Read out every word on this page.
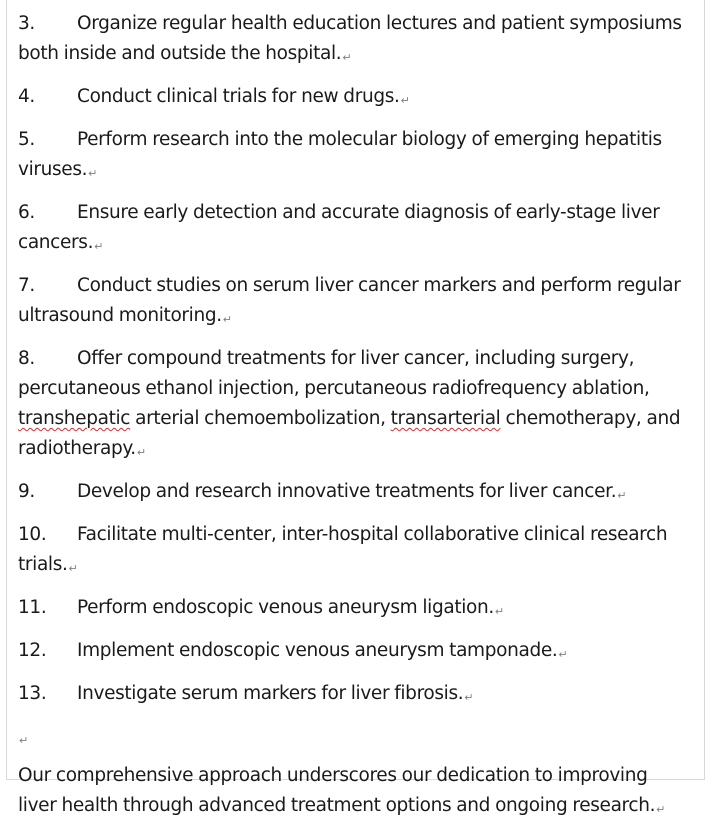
3. Organize regular health education lectures and patient symposiums both inside and outside the hospital.↵

4. Conduct clinical trials for new drugs.↵

5. Perform research into the molecular biology of emerging hepatitis viruses.↵

6. Ensure early detection and accurate diagnosis of early-stage liver cancers.↵

7. Conduct studies on serum liver cancer markers and perform regular ultrasound monitoring.↵

8. Offer compound treatments for liver cancer, including surgery, percutaneous ethanol injection, percutaneous radiofrequency ablation, transhepatic arterial chemoembolization, transarterial chemotherapy, and radiotherapy.↵

9. Develop and research innovative treatments for liver cancer.↵

10. Facilitate multi-center, inter-hospital collaborative clinical research trials.↵

11. Perform endoscopic venous aneurysm ligation.↵

12. Implement endoscopic venous aneurysm tamponade.↵

13. Investigate serum markers for liver fibrosis.↵

↵

Our comprehensive approach underscores our dedication to improving liver health through advanced treatment options and ongoing research.↵
